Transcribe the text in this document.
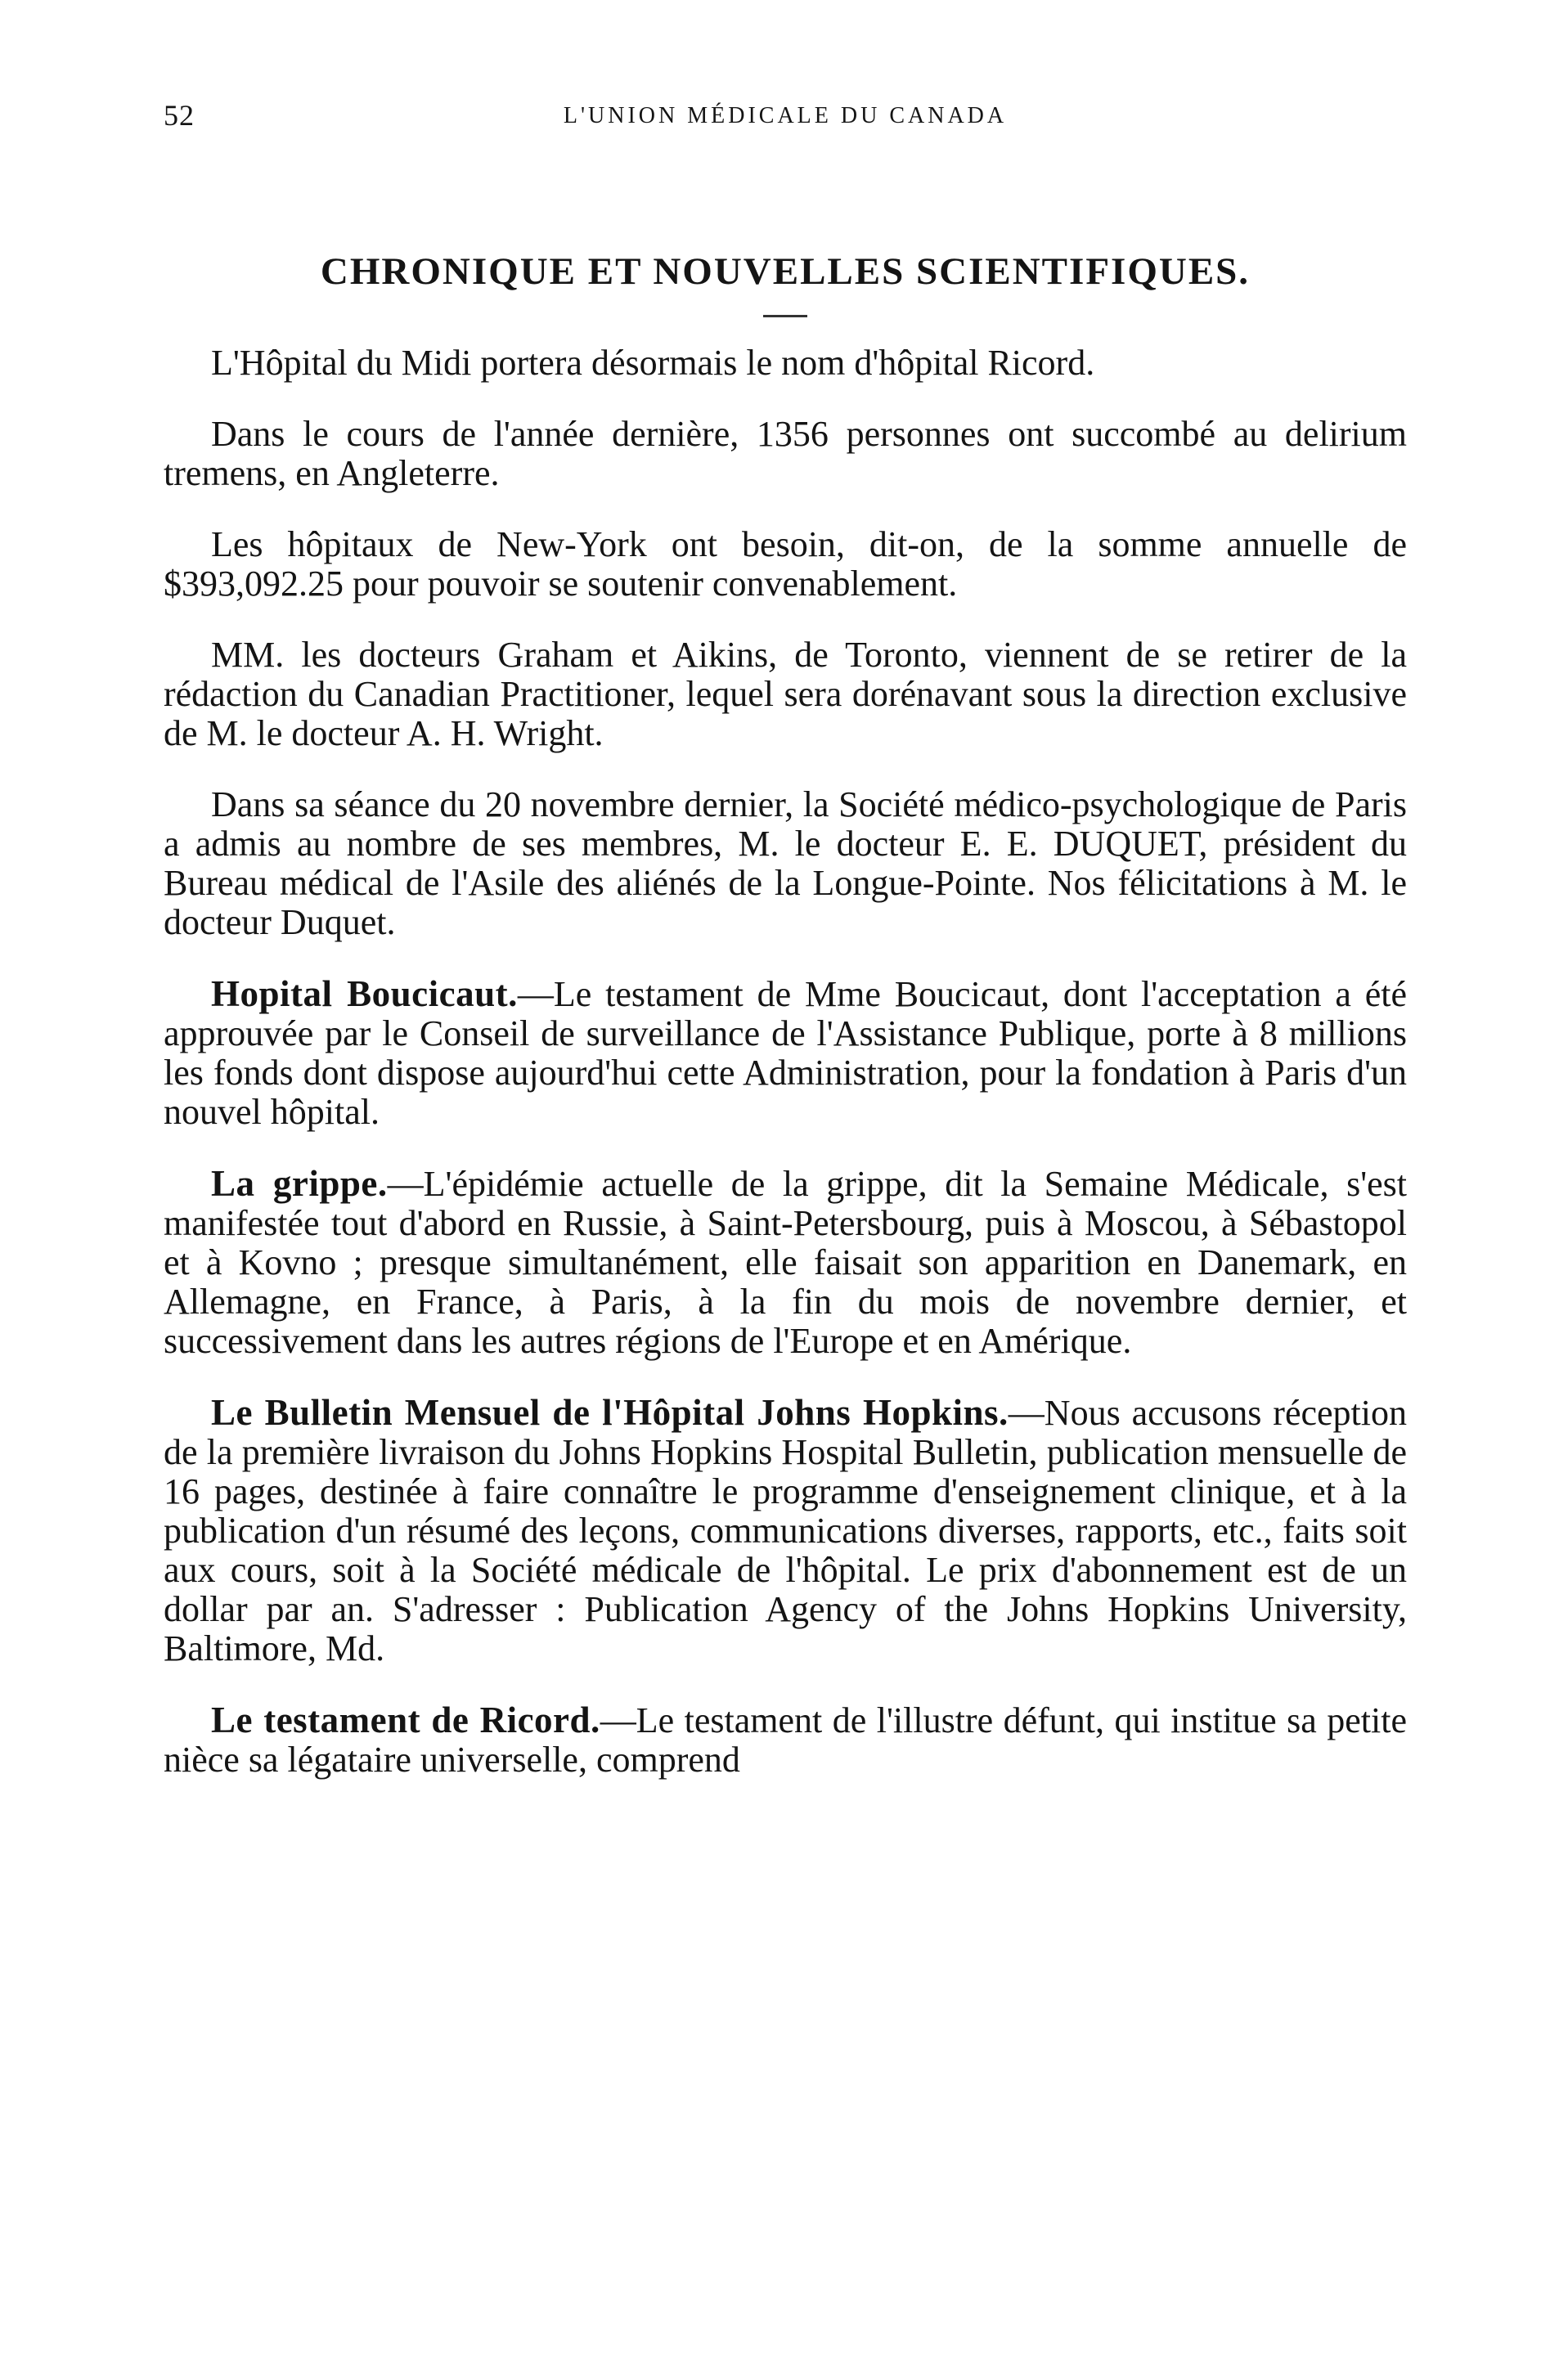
52	L'UNION MÉDICALE DU CANADA
CHRONIQUE ET NOUVELLES SCIENTIFIQUES.

L'Hôpital du Midi portera désormais le nom d'hôpital Ricord.

Dans le cours de l'année dernière, 1356 personnes ont succombé au delirium tremens, en Angleterre.

Les hôpitaux de New-York ont besoin, dit-on, de la somme annuelle de $393,092.25 pour pouvoir se soutenir convenablement.

MM. les docteurs Graham et Aikins, de Toronto, viennent de se retirer de la rédaction du Canadian Practitioner, lequel sera dorénavant sous la direction exclusive de M. le docteur A. H. Wright.

Dans sa séance du 20 novembre dernier, la Société médico-psychologique de Paris a admis au nombre de ses membres, M. le docteur E. E. DUQUET, président du Bureau médical de l'Asile des aliénés de la Longue-Pointe. Nos félicitations à M. le docteur Duquet.

Hopital Boucicaut.—Le testament de Mme Boucicaut, dont l'acceptation a été approuvée par le Conseil de surveillance de l'Assistance Publique, porte à 8 millions les fonds dont dispose aujourd'hui cette Administration, pour la fondation à Paris d'un nouvel hôpital.

La grippe.—L'épidémie actuelle de la grippe, dit la Semaine Médicale, s'est manifestée tout d'abord en Russie, à Saint-Petersbourg, puis à Moscou, à Sébastopol et à Kovno ; presque simultanément, elle faisait son apparition en Danemark, en Allemagne, en France, à Paris, à la fin du mois de novembre dernier, et successivement dans les autres régions de l'Europe et en Amérique.

Le Bulletin Mensuel de l'Hôpital Johns Hopkins.—Nous accusons réception de la première livraison du Johns Hopkins Hospital Bulletin, publication mensuelle de 16 pages, destinée à faire connaître le programme d'enseignement clinique, et à la publication d'un résumé des leçons, communications diverses, rapports, etc., faits soit aux cours, soit à la Société médicale de l'hôpital. Le prix d'abonnement est de un dollar par an. S'adresser : Publication Agency of the Johns Hopkins University, Baltimore, Md.

Le testament de Ricord.—Le testament de l'illustre défunt, qui institue sa petite nièce sa légataire universelle, comprend
